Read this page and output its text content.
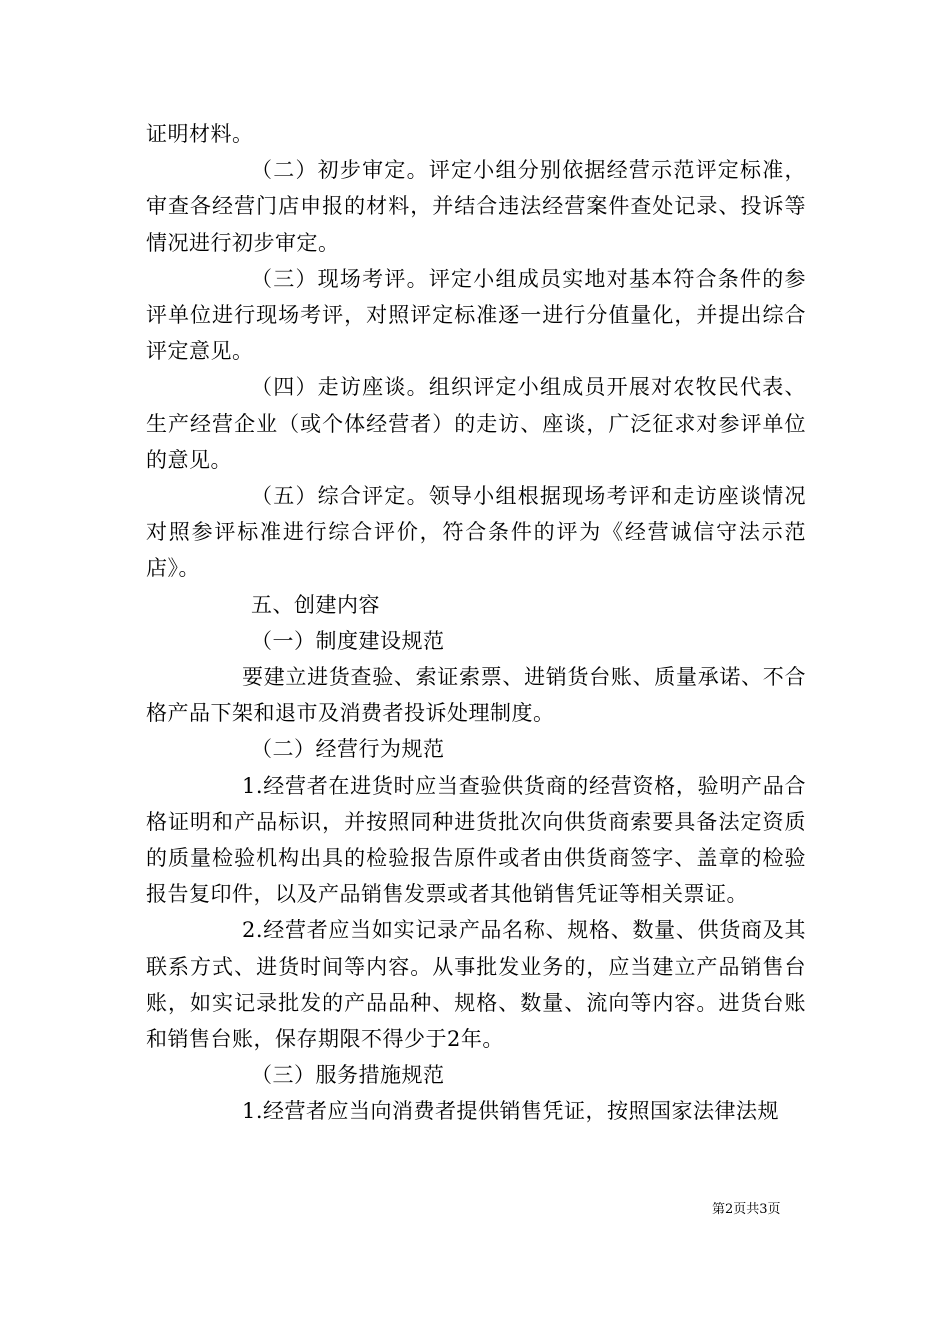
证明材料。

（二）初步审定。评定小组分别依据经营示范评定标准，审查各经营门店申报的材料，并结合违法经营案件查处记录、投诉等情况进行初步审定。

（三）现场考评。评定小组成员实地对基本符合条件的参评单位进行现场考评，对照评定标准逐一进行分值量化，并提出综合评定意见。

（四）走访座谈。组织评定小组成员开展对农牧民代表、生产经营企业（或个体经营者）的走访、座谈，广泛征求对参评单位的意见。

（五）综合评定。领导小组根据现场考评和走访座谈情况对照参评标准进行综合评价，符合条件的评为《经营诚信守法示范店》。

五、创建内容

（一）制度建设规范

要建立进货查验、索证索票、进销货台账、质量承诺、不合格产品下架和退市及消费者投诉处理制度。

（二）经营行为规范

1.经营者在进货时应当查验供货商的经营资格，验明产品合格证明和产品标识，并按照同种进货批次向供货商索要具备法定资质的质量检验机构出具的检验报告原件或者由供货商签字、盖章的检验报告复印件，以及产品销售发票或者其他销售凭证等相关票证。

2.经营者应当如实记录产品名称、规格、数量、供货商及其联系方式、进货时间等内容。从事批发业务的，应当建立产品销售台账，如实记录批发的产品品种、规格、数量、流向等内容。进货台账和销售台账，保存期限不得少于2年。

（三）服务措施规范

1.经营者应当向消费者提供销售凭证，按照国家法律法规

第2页共3页
